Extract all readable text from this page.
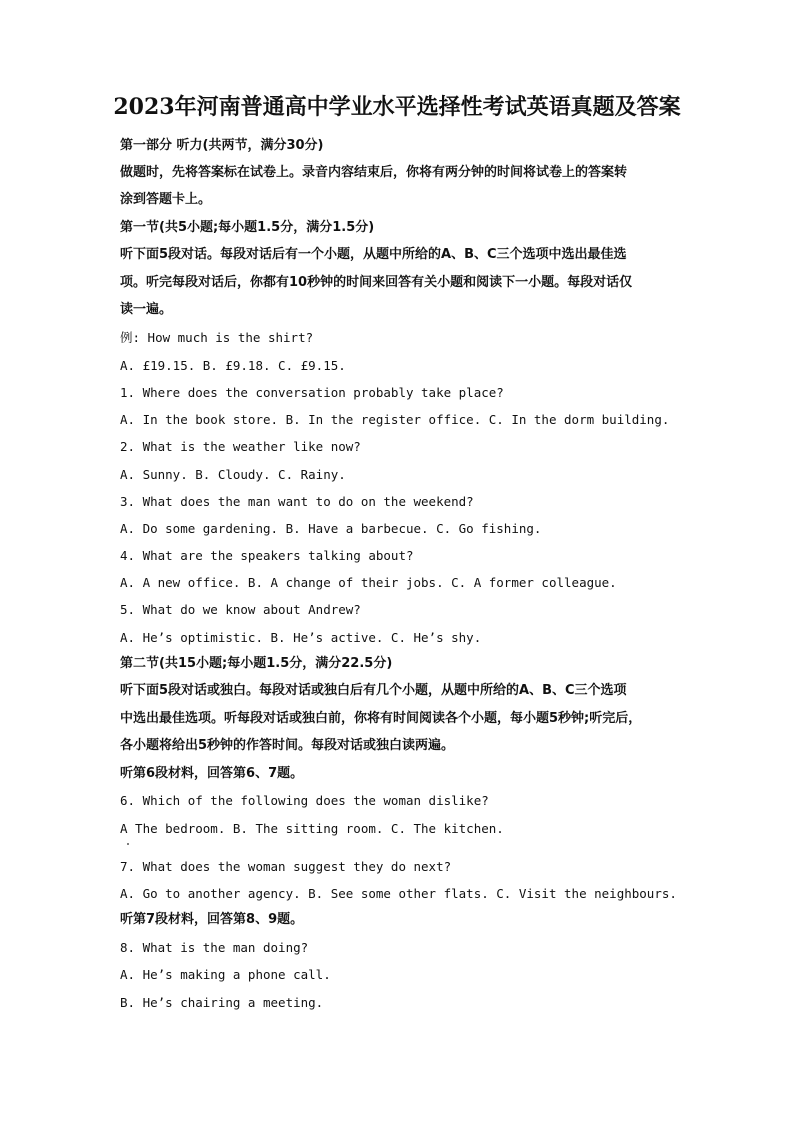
2023年河南普通高中学业水平选择性考试英语真题及答案
第一部分 听力(共两节，满分30分)
做题时，先将答案标在试卷上。录音内容结束后，你将有两分钟的时间将试卷上的答案转
涂到答题卡上。
第一节(共5小题;每小题1.5分，满分1.5分)
听下面5段对话。每段对话后有一个小题，从题中所给的A、B、C三个选项中选出最佳选
项。听完每段对话后，你都有10秒钟的时间来回答有关小题和阅读下一小题。每段对话仅
读一遍。
例: How much is the shirt?
A. £19.15. B. £9.18. C. £9.15.
1. Where does the conversation probably take place?
A. In the book store. B. In the register office. C. In the dorm building.
2. What is the weather like now?
A. Sunny. B. Cloudy. C. Rainy.
3. What does the man want to do on the weekend?
A. Do some gardening. B. Have a barbecue. C. Go fishing.
4. What are the speakers talking about?
A. A new office. B. A change of their jobs. C. A former colleague.
5. What do we know about Andrew?
A. He’s optimistic. B. He’s active. C. He’s shy.
第二节(共15小题;每小题1.5分，满分22.5分)
听下面5段对话或独白。每段对话或独白后有几个小题，从题中所给的A、B、C三个选项
中选出最佳选项。听每段对话或独白前，你将有时间阅读各个小题，每小题5秒钟;听完后，
各小题将给出5秒钟的作答时间。每段对话或独白读两遍。
听第6段材料，回答第6、7题。
6. Which of the following does the woman dislike?
A The bedroom. B. The sitting room. C. The kitchen.
7. What does the woman suggest they do next?
A. Go to another agency. B. See some other flats. C. Visit the neighbours.
听第7段材料，回答第8、9题。
8. What is the man doing?
A. He’s making a phone call.
B. He’s chairing a meeting.
